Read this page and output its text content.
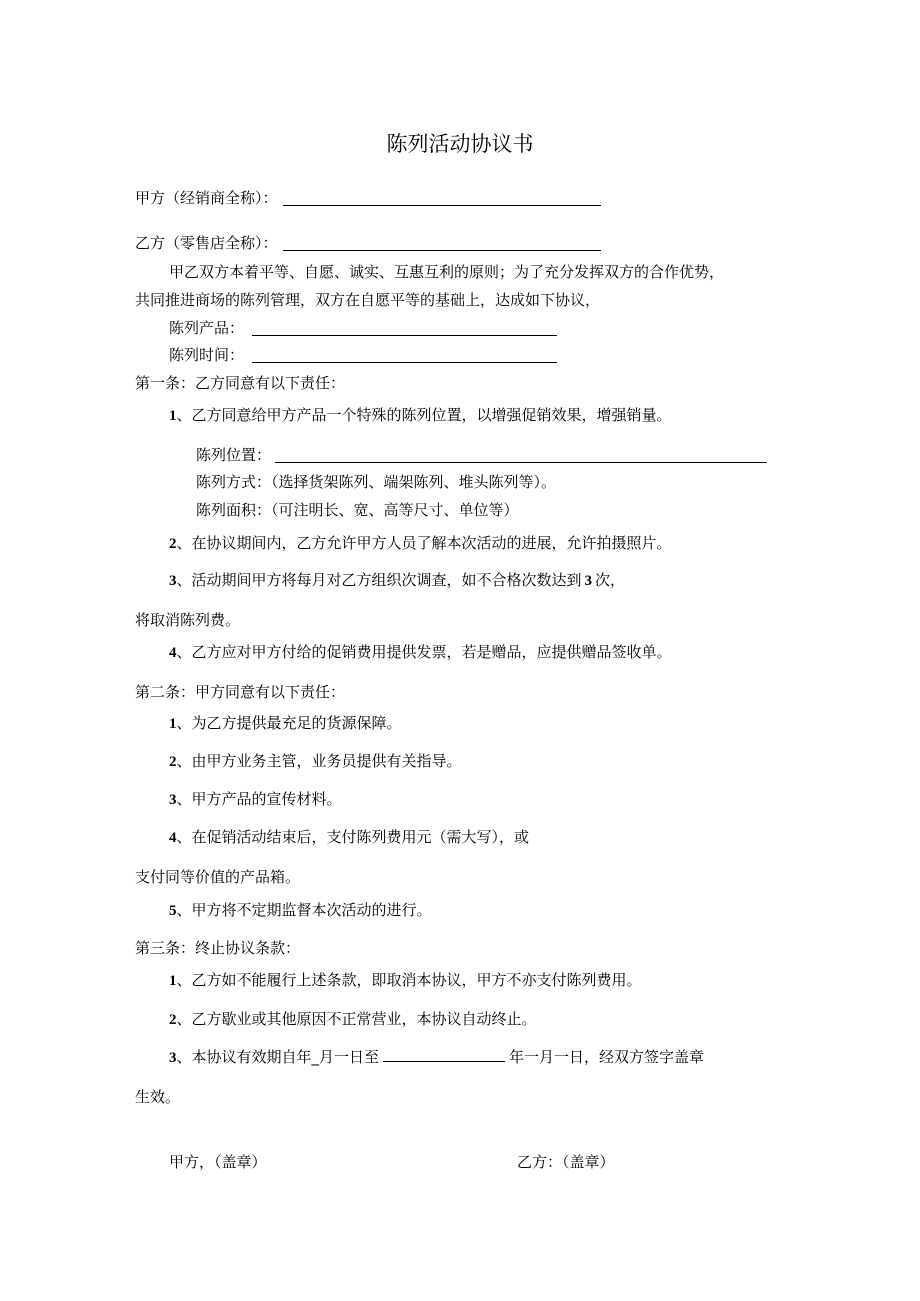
陈列活动协议书
甲方（经销商全称）：
乙方（零售店全称）：
甲乙双方本着平等、自愿、诚实、互惠互利的原则；为了充分发挥双方的合作优势，
共同推进商场的陈列管理，双方在自愿平等的基础上，达成如下协议，
陈列产品：
陈列时间：
第一条：乙方同意有以下责任：
1、乙方同意给甲方产品一个特殊的陈列位置，以增强促销效果，增强销量。
陈列位置：
陈列方式：（选择货架陈列、端架陈列、堆头陈列等）。
陈列面积：（可注明长、宽、高等尺寸、单位等）
2、在协议期间内，乙方允许甲方人员了解本次活动的进展，允许拍摄照片。
3、活动期间甲方将每月对乙方组织次调查，如不合格次数达到 3 次，
将取消陈列费。
4、乙方应对甲方付给的促销费用提供发票，若是赠品，应提供赠品签收单。
第二条：甲方同意有以下责任：
1、为乙方提供最充足的货源保障。
2、由甲方业务主管，业务员提供有关指导。
3、甲方产品的宣传材料。
4、在促销活动结束后，支付陈列费用元（需大写），或
支付同等价值的产品箱。
5、甲方将不定期监督本次活动的进行。
第三条：终止协议条款：
1、乙方如不能履行上述条款，即取消本协议，甲方不亦支付陈列费用。
2、乙方歇业或其他原因不正常营业，本协议自动终止。
3、本协议有效期自年_月一日至	年一月一日，经双方签字盖章
生效。
甲方，（盖章）	乙方：（盖章）
